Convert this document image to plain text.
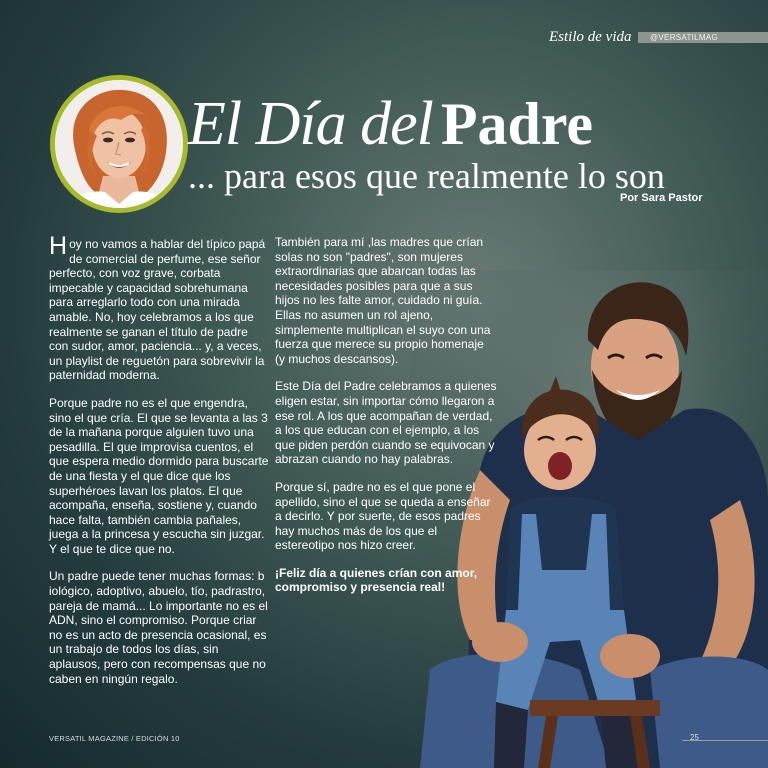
Estilo de vida @VERSATILMAG
El Día del Padre
... para esos que realmente lo son
Por Sara Pastor

Hoy no vamos a hablar del típico papá de comercial de perfume, ese señor perfecto, con voz grave, corbata impecable y capacidad sobrehumana para arreglarlo todo con una mirada amable. No, hoy celebramos a los que realmente se ganan el título de padre con sudor, amor, paciencia... y, a veces, un playlist de reguetón para sobrevivir la paternidad moderna.

Porque padre no es el que engendra, sino el que cría. El que se levanta a las 3 de la mañana porque alguien tuvo una pesadilla. El que improvisa cuentos, el que espera medio dormido para buscarte de una fiesta y el que dice que los superhéroes lavan los platos. El que acompaña, enseña, sostiene y, cuando hace falta, también cambia pañales, juega a la princesa y escucha sin juzgar. Y el que te dice que no.

Un padre puede tener muchas formas: b iológico, adoptivo, abuelo, tío, padrastro, pareja de mamá... Lo importante no es el ADN, sino el compromiso. Porque criar no es un acto de presencia ocasional, es un trabajo de todos los días, sin aplausos, pero con recompensas que no caben en ningún regalo.

También para mí ,las madres que crían solas no son "padres", son mujeres extraordinarias que abarcan todas las necesidades posibles para que a sus hijos no les falte amor, cuidado ni guía. Ellas no asumen un rol ajeno, simplemente multiplican el suyo con una fuerza que merece su propio homenaje (y muchos descansos).

Este Día del Padre celebramos a quienes eligen estar, sin importar cómo llegaron a ese rol. A los que acompañan de verdad, a los que educan con el ejemplo, a los que piden perdón cuando se equivocan y abrazan cuando no hay palabras.

Porque sí, padre no es el que pone el apellido, sino el que se queda a enseñar a decirlo. Y por suerte, de esos padres hay muchos más de los que el estereotipo nos hizo creer.

¡Feliz día a quienes crían con amor, compromiso y presencia real!

VERSATIL MAGAZINE / EDICIÓN 10	25
